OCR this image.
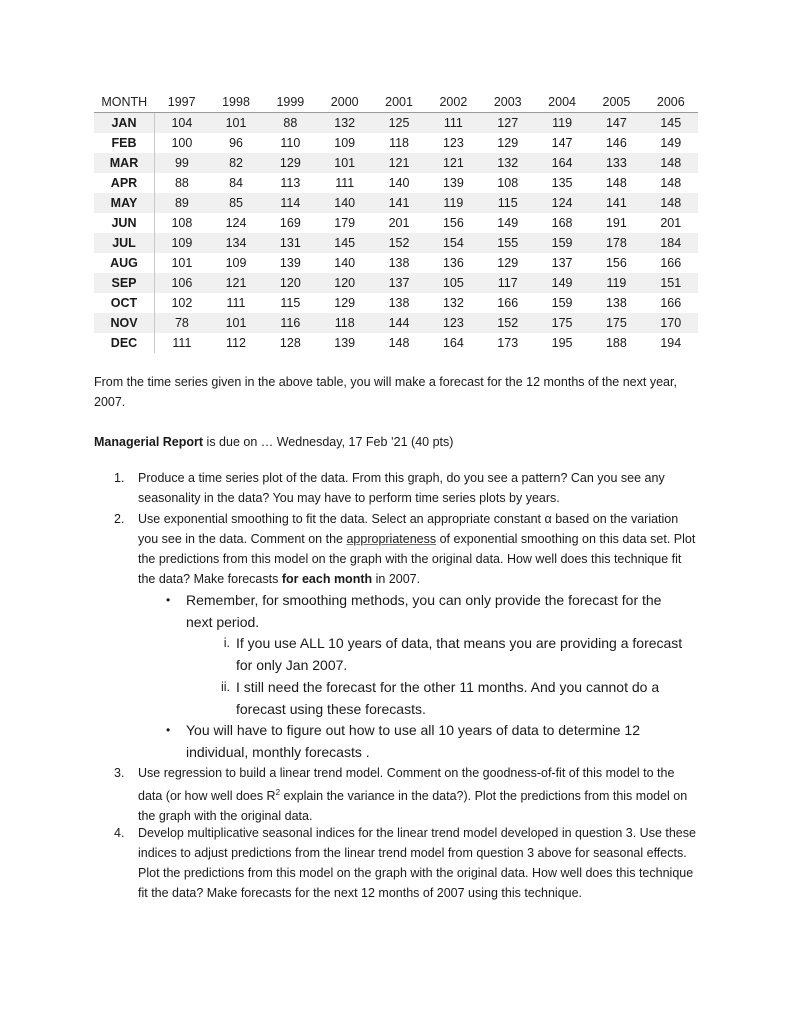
MONTH	1997	1998	1999	2000	2001	2002	2003	2004	2005	2006
JAN	104	101	88	132	125	111	127	119	147	145
FEB	100	96	110	109	118	123	129	147	146	149
MAR	99	82	129	101	121	121	132	164	133	148
APR	88	84	113	111	140	139	108	135	148	148
MAY	89	85	114	140	141	119	115	124	141	148
JUN	108	124	169	179	201	156	149	168	191	201
JUL	109	134	131	145	152	154	155	159	178	184
AUG	101	109	139	140	138	136	129	137	156	166
SEP	106	121	120	120	137	105	117	149	119	151
OCT	102	111	115	129	138	132	166	159	138	166
NOV	78	101	116	118	144	123	152	175	175	170
DEC	111	112	128	139	148	164	173	195	188	194
From the time series given in the above table, you will make a forecast for the 12 months of the next year, 2007.
Managerial Report is due on … Wednesday, 17 Feb ’21 (40 pts)
1. Produce a time series plot of the data. From this graph, do you see a pattern? Can you see any seasonality in the data? You may have to perform time series plots by years.
2. Use exponential smoothing to fit the data. Select an appropriate constant α based on the variation you see in the data. Comment on the appropriateness of exponential smoothing on this data set. Plot the predictions from this model on the graph with the original data. How well does this technique fit the data? Make forecasts for each month in 2007.
• Remember, for smoothing methods, you can only provide the forecast for the next period.
i. If you use ALL 10 years of data, that means you are providing a forecast for only Jan 2007.
ii. I still need the forecast for the other 11 months. And you cannot do a forecast using these forecasts.
• You will have to figure out how to use all 10 years of data to determine 12 individual, monthly forecasts .
3. Use regression to build a linear trend model. Comment on the goodness-of-fit of this model to the data (or how well does $R^2$ explain the variance in the data?). Plot the predictions from this model on the graph with the original data.
4. Develop multiplicative seasonal indices for the linear trend model developed in question 3. Use these indices to adjust predictions from the linear trend model from question 3 above for seasonal effects. Plot the predictions from this model on the graph with the original data. How well does this technique fit the data? Make forecasts for the next 12 months of 2007 using this technique.
